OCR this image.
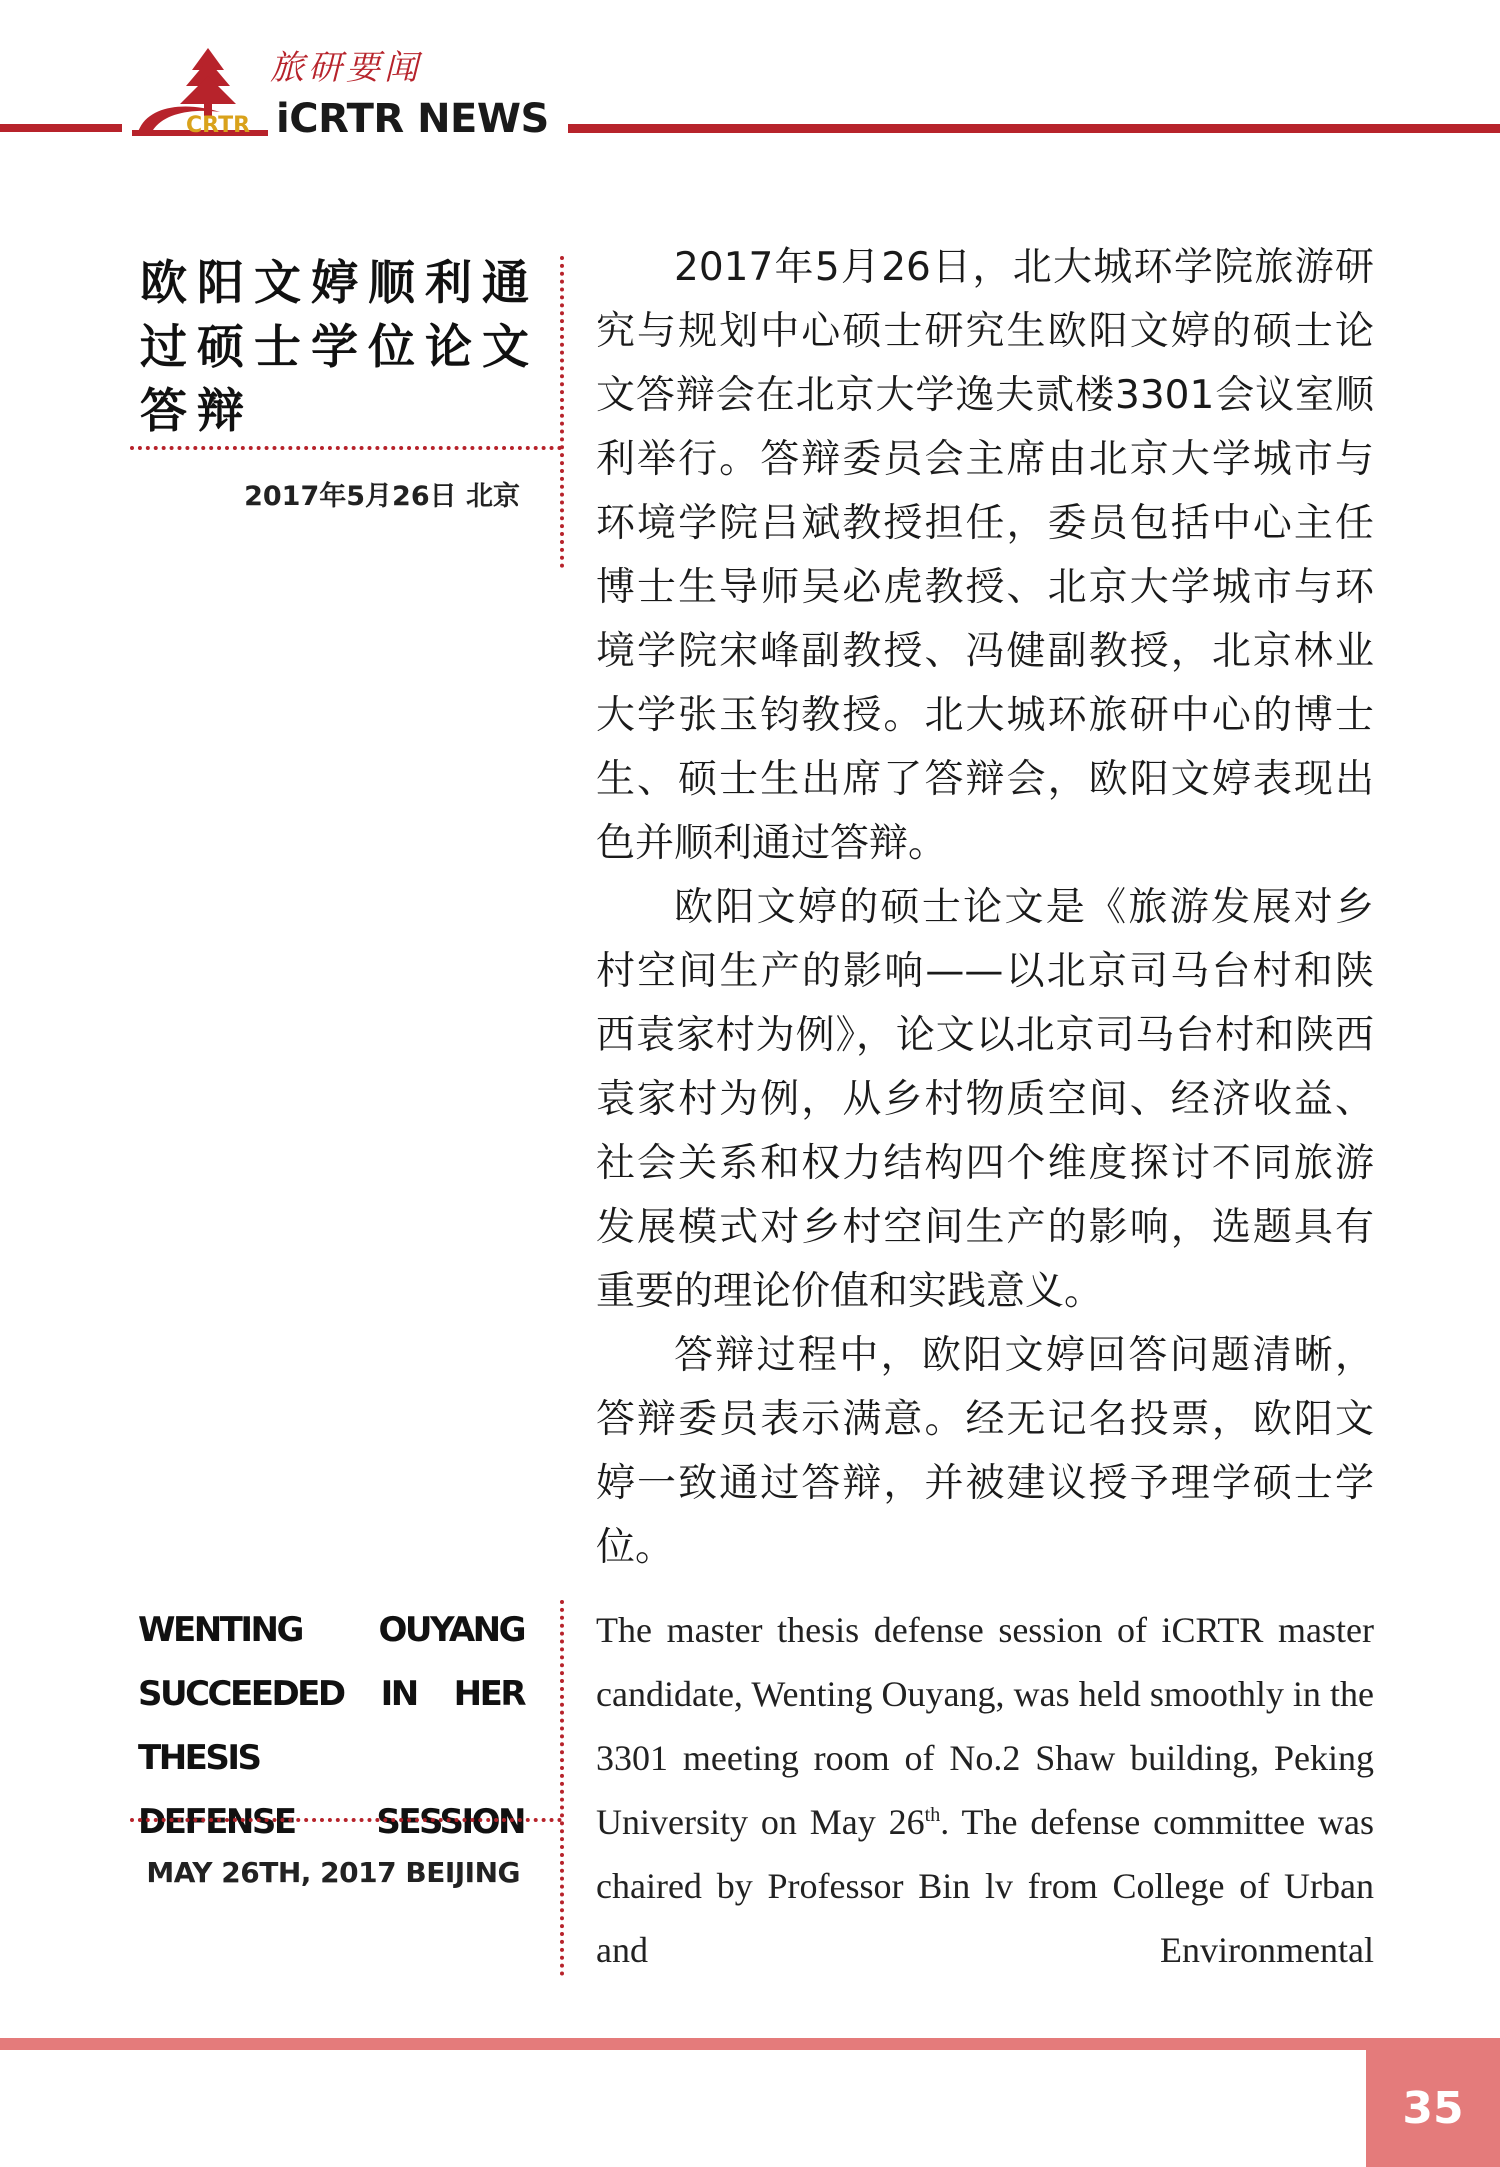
CRTR
旅研要闻
iCRTR NEWS
欧阳文婷顺利通过硕士学位论文答辩
2017年5月26日 北京

2017年5月26日，北大城环学院旅游研究与规划中心硕士研究生欧阳文婷的硕士论文答辩会在北京大学逸夫贰楼3301会议室顺利举行。答辩委员会主席由北京大学城市与环境学院吕斌教授担任，委员包括中心主任博士生导师吴必虎教授、北京大学城市与环境学院宋峰副教授、冯健副教授，北京林业大学张玉钧教授。北大城环旅研中心的博士生、硕士生出席了答辩会，欧阳文婷表现出色并顺利通过答辩。

欧阳文婷的硕士论文是《旅游发展对乡村空间生产的影响——以北京司马台村和陕西袁家村为例》，论文以北京司马台村和陕西袁家村为例，从乡村物质空间、经济收益、社会关系和权力结构四个维度探讨不同旅游发展模式对乡村空间生产的影响，选题具有重要的理论价值和实践意义。

答辩过程中，欧阳文婷回答问题清晰，答辩委员表示满意。经无记名投票，欧阳文婷一致通过答辩，并被建议授予理学硕士学位。

WENTING OUYANG
SUCCEEDED IN HER THESIS
DEFENSE SESSION
MAY 26TH, 2017 BEIJING
The master thesis defense session of iCRTR master candidate, Wenting Ouyang, was held smoothly in the 3301 meeting room of No.2 Shaw building, Peking University on May 26th. The defense committee was chaired by Professor Bin lv from College of Urban and Environmental
35
